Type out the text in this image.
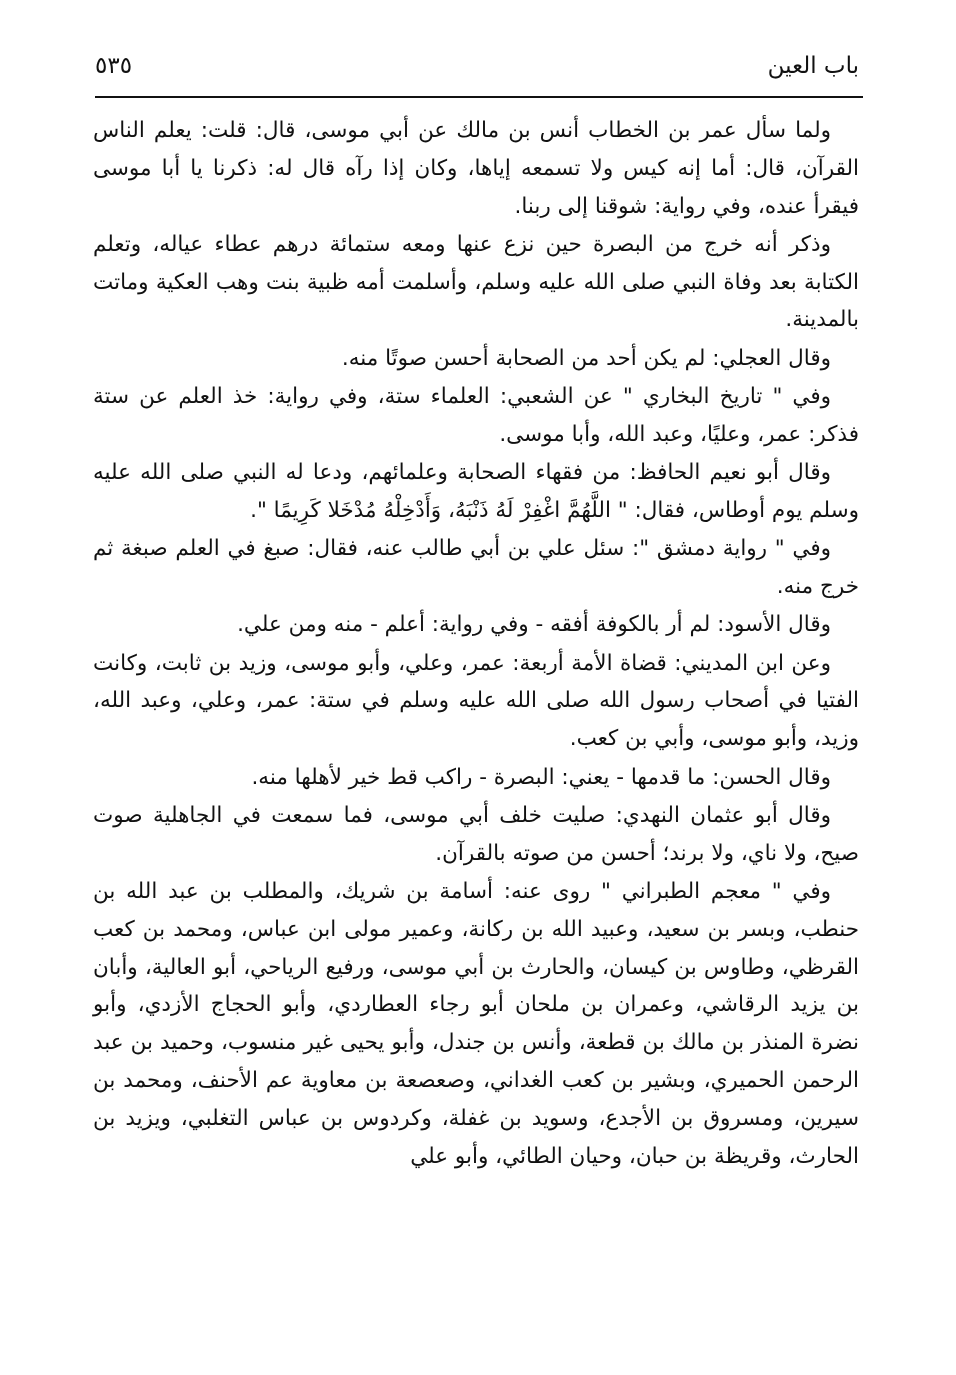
باب العين
٥٣٥

ولما سأل عمر بن الخطاب أنس بن مالك عن أبي موسى، قال: قلت: يعلم الناس القرآن، قال: أما إنه كيس ولا تسمعه إياها، وكان إذا رآه قال له: ذكرنا يا أبا موسى فيقرأ عنده، وفي رواية: شوقنا إلى ربنا.

وذكر أنه خرج من البصرة حين نزع عنها ومعه ستمائة درهم عطاء عياله، وتعلم الكتابة بعد وفاة النبي صلى الله عليه وسلم، وأسلمت أمه ظبية بنت وهب العكية وماتت بالمدينة.

وقال العجلي: لم يكن أحد من الصحابة أحسن صوتًا منه.

وفي " تاريخ البخاري " عن الشعبي: العلماء ستة، وفي رواية: خذ العلم عن ستة فذكر: عمر، وعليًا، وعبد الله، وأبا موسى.

وقال أبو نعيم الحافظ: من فقهاء الصحابة وعلمائهم، ودعا له النبي صلى الله عليه وسلم يوم أوطاس، فقال: " اللَّهُمَّ اغْفِرْ لَهُ ذَنْبَهُ، وَأَدْخِلْهُ مُدْخَلا كَرِيمًا ".

وفي " رواية دمشق ": سئل علي بن أبي طالب عنه، فقال: صبغ في العلم صبغة ثم خرج منه.

وقال الأسود: لم أر بالكوفة أفقه - وفي رواية: أعلم - منه ومن علي.

وعن ابن المديني: قضاة الأمة أربعة: عمر، وعلي، وأبو موسى، وزيد بن ثابت، وكانت الفتيا في أصحاب رسول الله صلى الله عليه وسلم في ستة: عمر، وعلي، وعبد الله، وزيد، وأبو موسى، وأبي بن كعب.

وقال الحسن: ما قدمها - يعني: البصرة - راكب قط خير لأهلها منه.

وقال أبو عثمان النهدي: صليت خلف أبي موسى، فما سمعت في الجاهلية صوت صيح، ولا ناي، ولا برند؛ أحسن من صوته بالقرآن.

وفي " معجم الطبراني " روى عنه: أسامة بن شريك، والمطلب بن عبد الله بن حنطب، وبسر بن سعيد، وعبيد الله بن ركانة، وعمير مولى ابن عباس، ومحمد بن كعب القرظي، وطاوس بن كيسان، والحارث بن أبي موسى، ورفيع الرياحي، أبو العالية، وأبان بن يزيد الرقاشي، وعمران بن ملحان أبو رجاء العطاردي، وأبو الحجاج الأزدي، وأبو نضرة المنذر بن مالك بن قطعة، وأنس بن جندل، وأبو يحيى غير منسوب، وحميد بن عبد الرحمن الحميري، وبشير بن كعب الغداني، وصعصعة بن معاوية عم الأحنف، ومحمد بن سيرين، ومسروق بن الأجدع، وسويد بن غفلة، وكردوس بن عباس التغلبي، ويزيد بن الحارث، وقريظة بن حبان، وحيان الطائي، وأبو علي
